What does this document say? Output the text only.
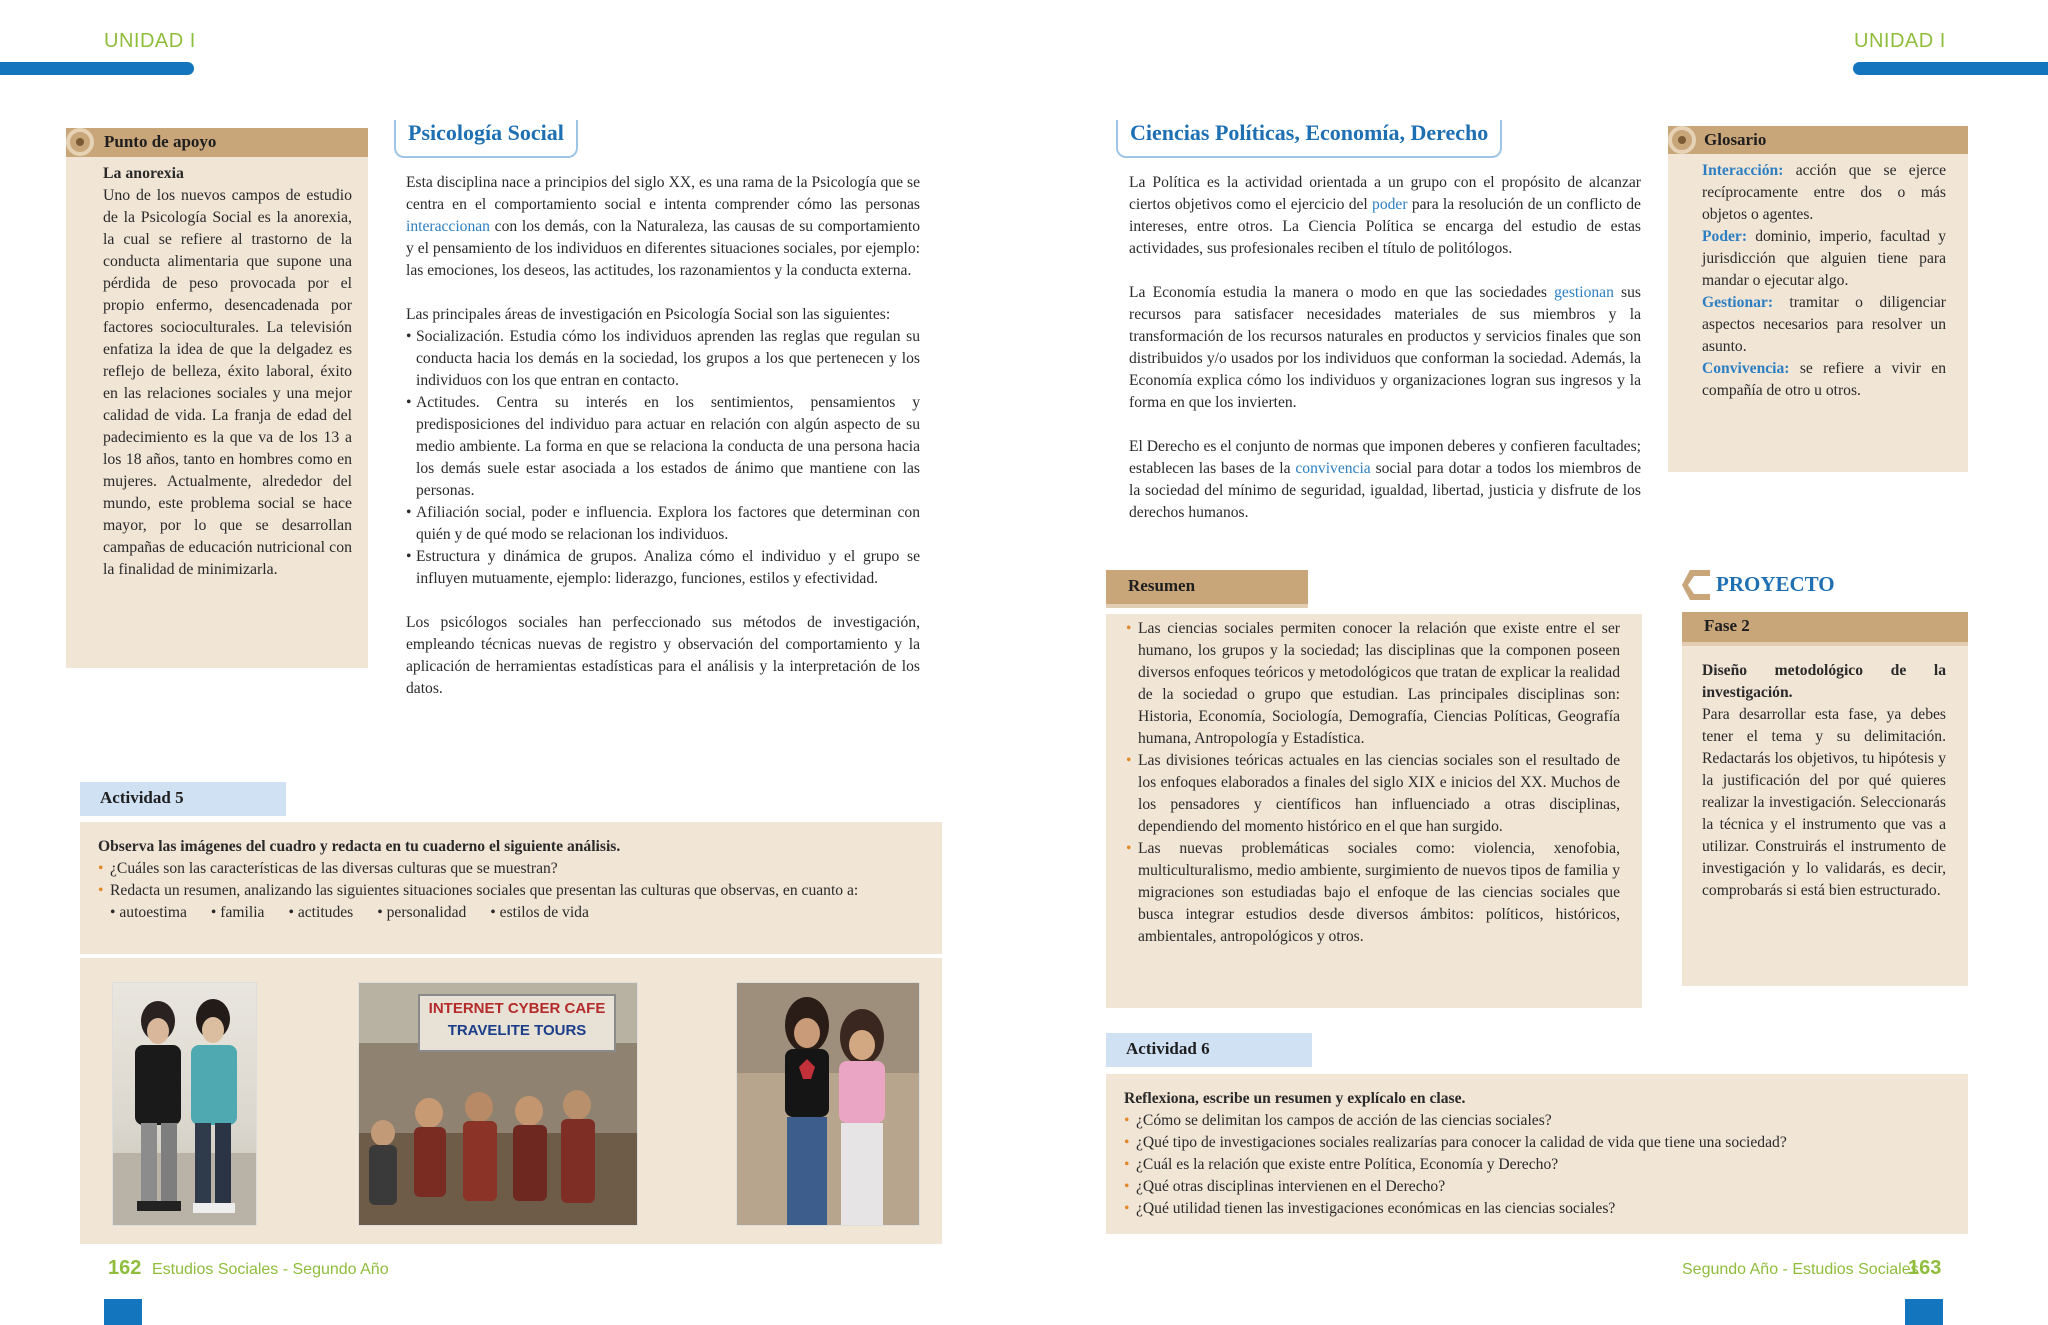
UNIDAD I	UNIDAD I
Punto de apoyo
La anorexia
Uno de los nuevos campos de estudio de la Psicología Social es la anorexia, la cual se refiere al trastorno de la conducta alimentaria que supone una pérdida de peso provocada por el propio enfermo, desencadenada por factores socioculturales. La televisión enfatiza la idea de que la delgadez es reflejo de belleza, éxito laboral, éxito en las relaciones sociales y una mejor calidad de vida. La franja de edad del padecimiento es la que va de los 13 a los 18 años, tanto en hombres como en mujeres. Actualmente, alrededor del mundo, este problema social se hace mayor, por lo que se desarrollan campañas de educación nutricional con la finalidad de minimizarla.
Psicología Social

Esta disciplina nace a principios del siglo XX, es una rama de la Psicología que se centra en el comportamiento social e intenta comprender cómo las personas interaccionan con los demás, con la Naturaleza, las causas de su comportamiento y el pensamiento de los individuos en diferentes situaciones sociales, por ejemplo: las emociones, los deseos, las actitudes, los razonamientos y la conducta externa.

Las principales áreas de investigación en Psicología Social son las siguientes:
• Socialización. Estudia cómo los individuos aprenden las reglas que regulan su conducta hacia los demás en la sociedad, los grupos a los que pertenecen y los individuos con los que entran en contacto.
• Actitudes. Centra su interés en los sentimientos, pensamientos y predisposiciones del individuo para actuar en relación con algún aspecto de su medio ambiente. La forma en que se relaciona la conducta de una persona hacia los demás suele estar asociada a los estados de ánimo que mantiene con las personas.
• Afiliación social, poder e influencia. Explora los factores que determinan con quién y de qué modo se relacionan los individuos.
• Estructura y dinámica de grupos. Analiza cómo el individuo y el grupo se influyen mutuamente, ejemplo: liderazgo, funciones, estilos y efectividad.

Los psicólogos sociales han perfeccionado sus métodos de investigación, empleando técnicas nuevas de registro y observación del comportamiento y la aplicación de herramientas estadísticas para el análisis y la interpretación de los datos.

Actividad 5
Observa las imágenes del cuadro y redacta en tu cuaderno el siguiente análisis.
• ¿Cuáles son las características de las diversas culturas que se muestran?
• Redacta un resumen, analizando las siguientes situaciones sociales que presentan las culturas que observas, en cuanto a:
• autoestima	• familia	• actitudes	• personalidad	• estilos de vida
INTERNET CYBER CAFE
TRAVELITE TOURS
162 Estudios Sociales - Segundo Año
Ciencias Políticas, Economía, Derecho

La Política es la actividad orientada a un grupo con el propósito de alcanzar ciertos objetivos como el ejercicio del poder para la resolución de un conflicto de intereses, entre otros. La Ciencia Política se encarga del estudio de estas actividades, sus profesionales reciben el título de politólogos.

La Economía estudia la manera o modo en que las sociedades gestionan sus recursos para satisfacer necesidades materiales de sus miembros y la transformación de los recursos naturales en productos y servicios finales que son distribuidos y/o usados por los individuos que conforman la sociedad. Además, la Economía explica cómo los individuos y organizaciones logran sus ingresos y la forma en que los invierten.

El Derecho es el conjunto de normas que imponen deberes y confieren facultades; establecen las bases de la convivencia social para dotar a todos los miembros de la sociedad del mínimo de seguridad, igualdad, libertad, justicia y disfrute de los derechos humanos.

Glosario
Interacción: acción que se ejerce recíprocamente entre dos o más objetos o agentes.
Poder: dominio, imperio, facultad y jurisdicción que alguien tiene para mandar o ejecutar algo.
Gestionar: tramitar o diligenciar aspectos necesarios para resolver un asunto.
Convivencia: se refiere a vivir en compañía de otro u otros.
Resumen
• Las ciencias sociales permiten conocer la relación que existe entre el ser humano, los grupos y la sociedad; las disciplinas que la componen poseen diversos enfoques teóricos y metodológicos que tratan de explicar la realidad de la sociedad o grupo que estudian. Las principales disciplinas son: Historia, Economía, Sociología, Demografía, Ciencias Políticas, Geografía humana, Antropología y Estadística.
• Las divisiones teóricas actuales en las ciencias sociales son el resultado de los enfoques elaborados a finales del siglo XIX e inicios del XX. Muchos de los pensadores y científicos han influenciado a otras disciplinas, dependiendo del momento histórico en el que han surgido.
• Las nuevas problemáticas sociales como: violencia, xenofobia, multiculturalismo, medio ambiente, surgimiento de nuevos tipos de familia y migraciones son estudiadas bajo el enfoque de las ciencias sociales que busca integrar estudios desde diversos ámbitos: políticos, históricos, ambientales, antropológicos y otros.
PROYECTO
Fase 2
Diseño metodológico de la investigación.
Para desarrollar esta fase, ya debes tener el tema y su delimitación. Redactarás los objetivos, tu hipótesis y la justificación del por qué quieres realizar la investigación. Seleccionarás la técnica y el instrumento que vas a utilizar. Construirás el instrumento de investigación y lo validarás, es decir, comprobarás si está bien estructurado.
Actividad 6
Reflexiona, escribe un resumen y explícalo en clase.
• ¿Cómo se delimitan los campos de acción de las ciencias sociales?
• ¿Qué tipo de investigaciones sociales realizarías para conocer la calidad de vida que tiene una sociedad?
• ¿Cuál es la relación que existe entre Política, Economía y Derecho?
• ¿Qué otras disciplinas intervienen en el Derecho?
• ¿Qué utilidad tienen las investigaciones económicas en las ciencias sociales?
Segundo Año - Estudios Sociales
163
